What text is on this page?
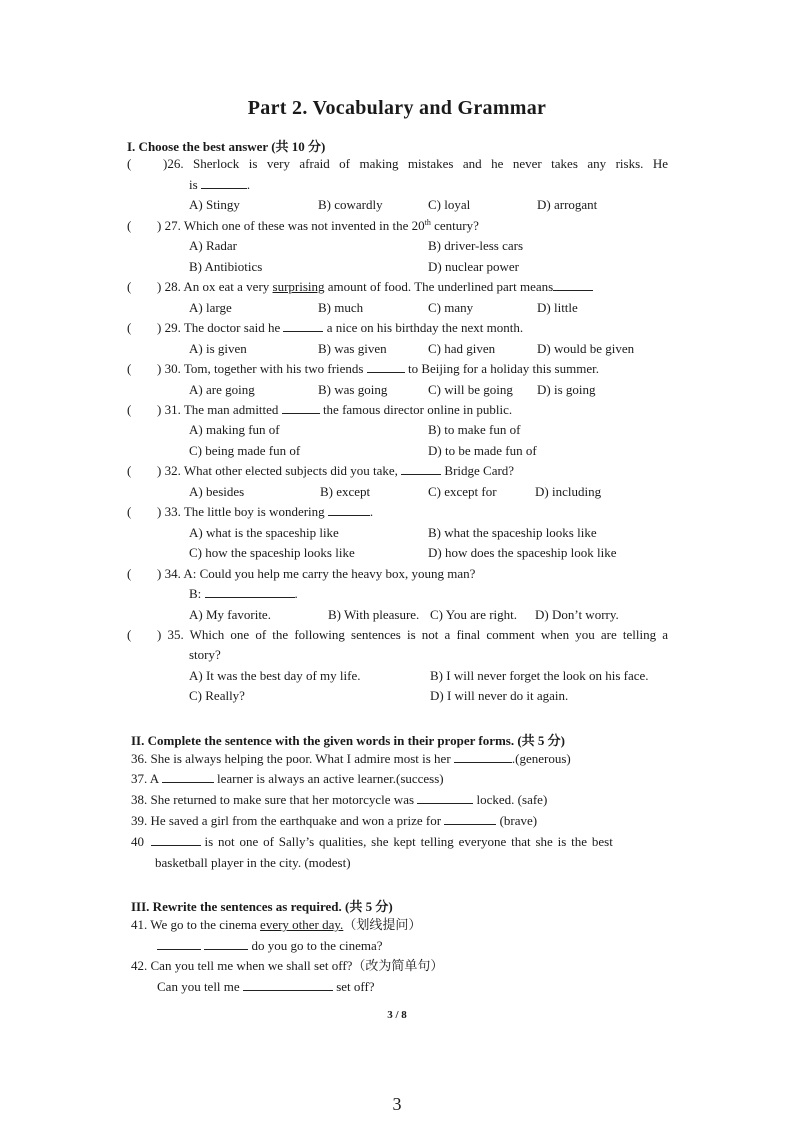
Part 2. Vocabulary and Grammar
I. Choose the best answer (共 10 分)
( )26. Sherlock is very afraid of making mistakes and he never takes any risks. He
is	.
A) Stingy	B) cowardly	C) loyal	D) arrogant
( ) 27. Which one of these was not invented in the 20th century?
A) Radar	B) driver-less cars
B) Antibiotics	D) nuclear power
( ) 28. An ox eat a very surprising amount of food. The underlined part means
A) large	B) much	C) many	D) little
( ) 29. The doctor said he	a nice on his birthday the next month.
A) is given	B) was given	C) had given	D) would be given
( ) 30. Tom, together with his two friends	to Beijing for a holiday this summer.
A) are going	B) was going	C) will be going D) is going
( ) 31. The man admitted	the famous director online in public.
A) making fun of	B) to make fun of
C) being made fun of	D) to be made fun of
( ) 32. What other elected subjects did you take,	Bridge Card?
A) besides	B) except	C) except for	D) including
( ) 33. The little boy is wondering	.
A) what is the spaceship like	B) what the spaceship looks like
C) how the spaceship looks like	D) how does the spaceship look like
( ) 34. A: Could you help me carry the heavy box, young man?
B:	.
A) My favorite.	B) With pleasure. C) You are right. D) Don’t worry.
( ) 35. Which one of the following sentences is not a final comment when you are telling a
story?
A) It was the best day of my life.	B) I will never forget the look on his face.
C) Really?	D) I will never do it again.
II. Complete the sentence with the given words in their proper forms. (共 5 分)
36. She is always helping the poor. What I admire most is her	.(generous)
37. A	learner is always an active learner.(success)
38. She returned to make sure that her motorcycle was	locked. (safe)
39. He saved a girl from the earthquake and won a prize for	(brave)
40	is not one of Sally’s qualities, she kept telling everyone that she is the best
basketball player in the city. (modest)
III. Rewrite the sentences as required. (共 5 分)
41. We go to the cinema every other day.（划线提问）
do you go to the cinema?
42. Can you tell me when we shall set off?（改为简单句）
Can you tell me	set off?
3 / 8
3
